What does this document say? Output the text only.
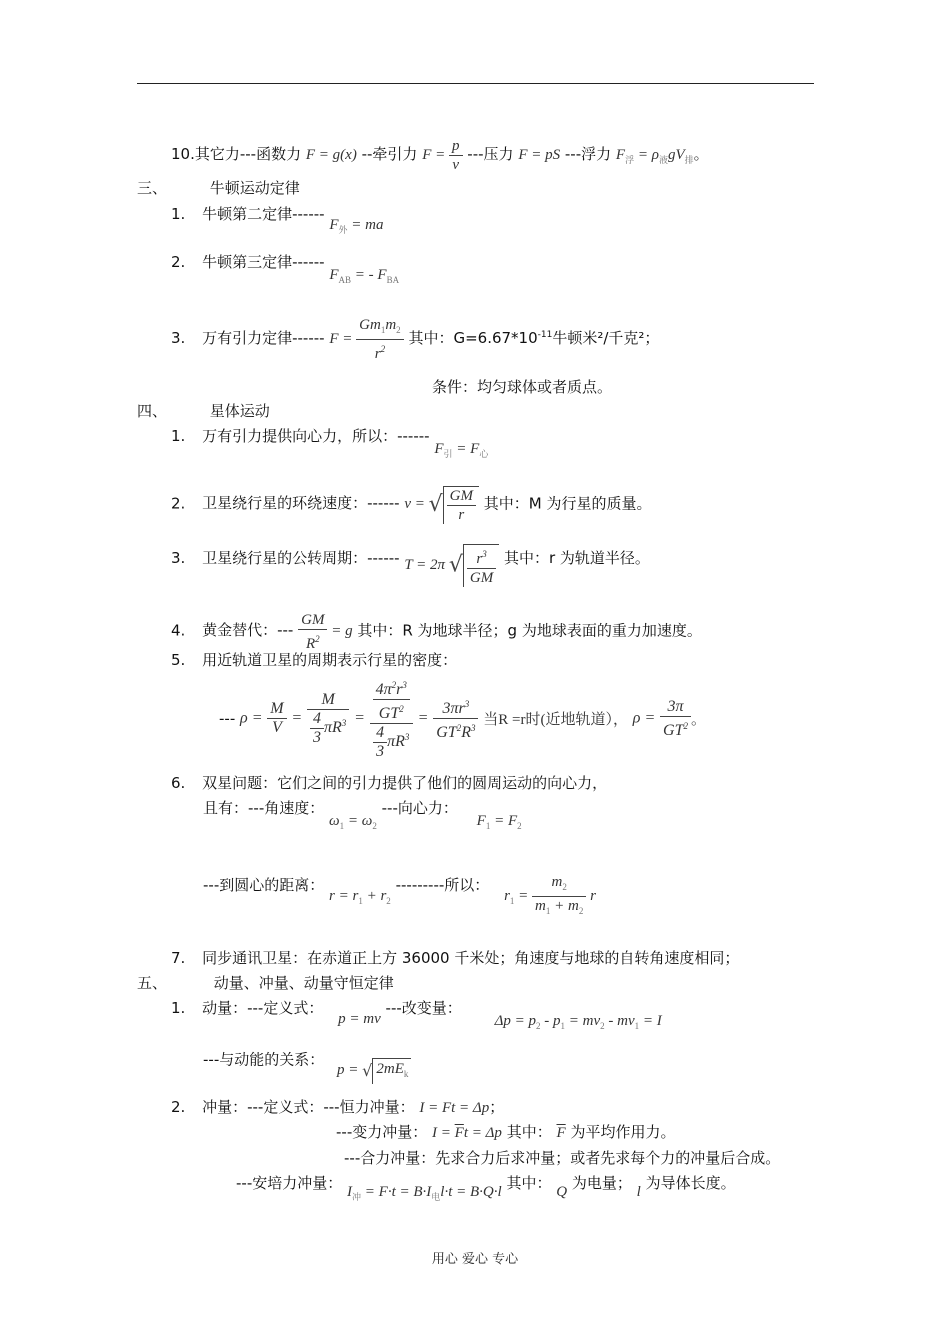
10.其它力---函数力 F = g(x) --牵引力 $F = \frac{p}{v}$ ---压力 F = pS ---浮力 $F_浮 = \rho_液gV_排$。
三、	牛顿运动定律
1. 牛顿第二定律------ $F_外$ = ma
2. 牛顿第三定律------ $F_{AB}$ = - $F_{BA}$
3. 万有引力定律------ $F = \frac{Gm_1m_2}{r^2}$ 其中：$G=6.67*10^{-11}$牛顿米²/千克²；
条件：均匀球体或者质点。
四、	星体运动
1. 万有引力提供向心力，所以：------ $F_引 = F_心$
2. 卫星绕行星的环绕速度：------ v = √ $\frac{GM}{r}$ 其中：M 为行星的质量。
3. 卫星绕行星的公转周期：------ T = 2π √ $\frac{r^3}{GM}$ 其中：r 为轨道半径。
4. 黄金替代：--- $\frac{GM}{R^2} = g$ 其中：R 为地球半径；g 为地球表面的重力加速度。
5. 用近轨道卫星的周期表示行星的密度：
--- $\rho = \frac{M}{V} = \frac{M}{\frac{4}{3} \pi R^3} = \frac{\frac{4\pi^2r^3}{GT^2}}{\frac{4}{3} \pi R^3} = \frac{3\pi r^3}{GT^2R^3}$ 当R =r时(近地轨道）， $\rho = \frac{3\pi}{GT^2}$ 。
6. 双星问题：它们之间的引力提供了他们的圆周运动的向心力，
且有：---角速度： $\omega_1 = \omega_2$ ---向心力： $F_1 = F_2$
---到圆心的距离： $r = r_1 + r_2$ ---------所以： $r_1 = \frac{m_2}{m_1 + m_2}$ r
7. 同步通讯卫星：在赤道正上方 36000 千米处；角速度与地球的自转角速度相同；
五、	动量、冲量、动量守恒定律
1. 动量：---定义式： p = mv ---改变量： $\Delta p = p_2 - p_1 = mv_2 - mv_1 = I$
---与动能的关系： p = √ $2mE_k$
2. 冲量：---定义式：---恒力冲量： I = Ft = Δp；
---变力冲量： $I = \overline{F}t = \Delta p$ 其中： $\overline{F}$ 为平均作用力。
---合力冲量：先求合力后求冲量；或者先求每个力的冲量后合成。
---安培力冲量： $I_冲 = F\cdot t = B\cdot I_电l\cdot t = B\cdot Q\cdot l$ 其中： Q 为电量； l 为导体长度。
用心 爱心 专心
